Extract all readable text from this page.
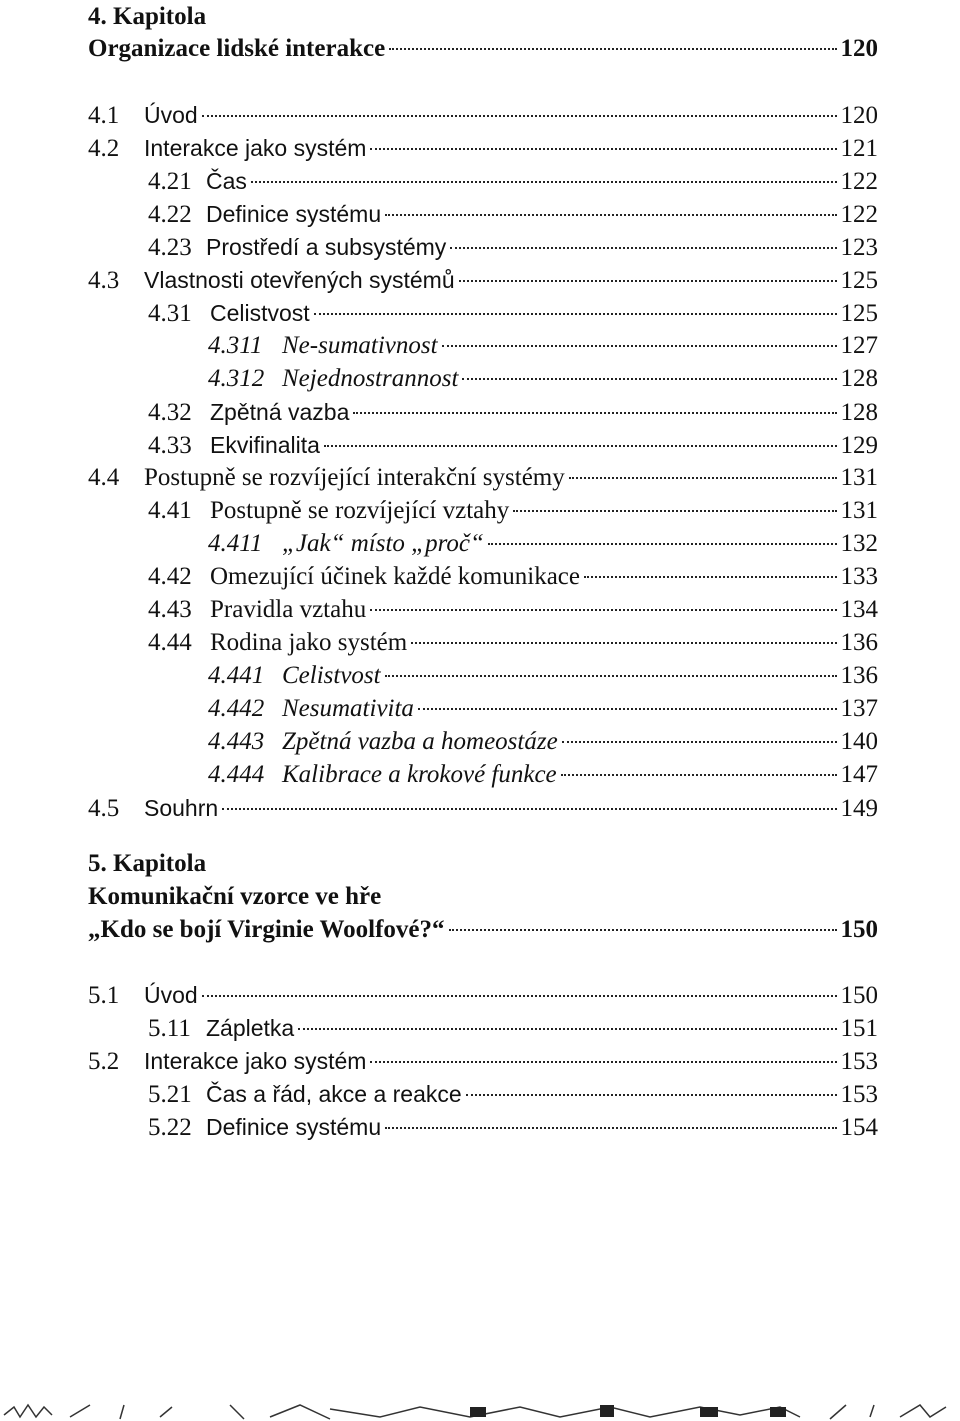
4. Kapitola
Organizace lidské interakce	120
4.1	Úvod	120
4.2	Interakce jako systém	121
4.21 Čas	122
4.22 Definice systému	122
4.23 Prostředí a subsystémy	123
4.3	Vlastnosti otevřených systémů	125
4.31 Celistvost	125
4.311 Ne-sumativnost	127
4.312 Nejednostrannost	128
4.32 Zpětná vazba	128
4.33 Ekvifinalita	129
4.4 Postupně se rozvíjející interakční systémy	131
4.41 Postupně se rozvíjející vztahy	131
4.411 „Jak“ místo „proč“	132
4.42 Omezující účinek každé komunikace	133
4.43 Pravidla vztahu	134
4.44 Rodina jako systém	136
4.441 Celistvost	136
4.442 Nesumativita	137
4.443 Zpětná vazba a homeostáze	140
4.444 Kalibrace a krokové funkce	147
4.5	Souhrn	149
5. Kapitola
Komunikační vzorce ve hře
„Kdo se bojí Virginie Woolfové?“	150
5.1	Úvod	150
5.11 Zápletka	151
5.2	Interakce jako systém	153
5.21 Čas a řád, akce a reakce	153
5.22 Definice systému	154
